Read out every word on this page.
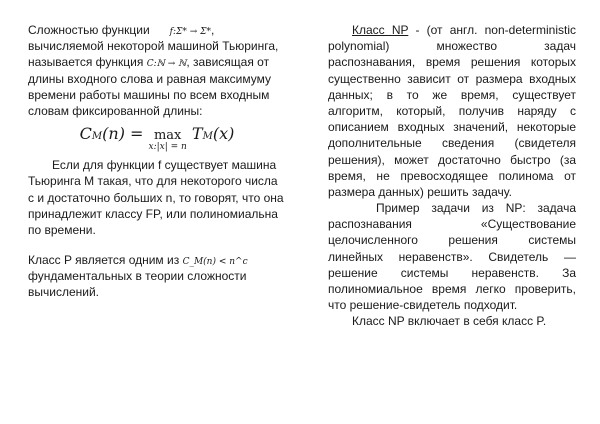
Сложностью функции f:Σ* → Σ*, вычисляемой некоторой машиной Тьюринга, называется функция C:ℕ → ℕ, зависящая от длины входного слова и равная максимуму времени работы машины по всем входным словам фиксированной длины:

CM(n) = max
x:|x| = n
TM(x)

Если для функции f существует машина Тьюринга M такая, что для некоторого числа c и достаточно больших n, то говорят, что она принадлежит классу FP, или полиномиальна по времени.

Класс P является одним из C_M(n) < n^c фундаментальных в теории сложности вычислений.

Класс NP - (от англ. non-deterministic polynomial) множество задач распознавания, время решения которых существенно зависит от размера входных данных; в то же время, существует алгоритм, который, получив наряду с описанием входных значений, некоторые дополнительные сведения (свидетеля решения), может достаточно быстро (за время, не превосходящее полинома от размера данных) решить задачу.

Пример задачи из NP: задача распознавания «Существование целочисленного решения системы линейных неравенств». Свидетель — решение системы неравенств. За полиномиальное время легко проверить, что решение-свидетель подходит.

Класс NP включает в себя класс P.
